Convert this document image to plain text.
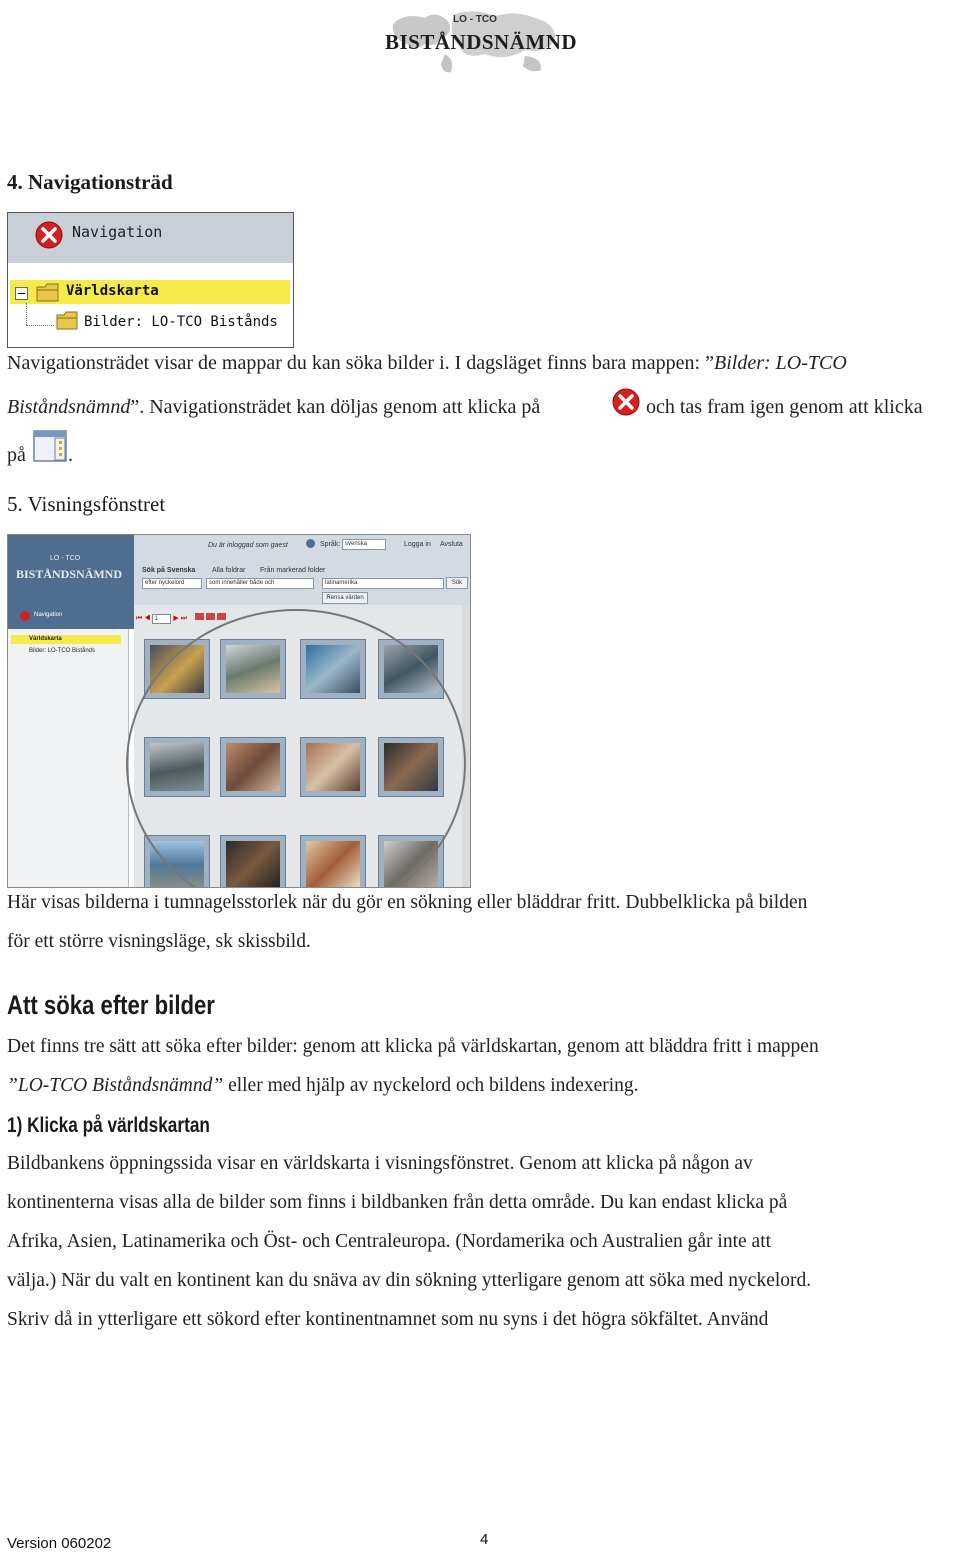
LO - TCO
BISTÅNDSNÄMND
4. Navigationsträd
Navigation
Världskarta
Bilder: LO-TCO Bistånds

Navigationsträdet visar de mappar du kan söka bilder i. I dagsläget finns bara mappen: ”Bilder: LO-TCO

Biståndsnämnd”. Navigationsträdet kan döljas genom att klicka på	och tas fram igen genom att klicka

på .

5. Visningsfönstret
LO - TCO
BISTÅNDSNÄMND
Du är inloggad som gaest	Språk: svenska	Logga in Avsluta
Sök på Svenska Alla foldrar Från markerad folder
efter nyckelord	som innehåller både och	latinamerika	Sök
Rensa värden
Navigation
Världskarta
Bilder: LO-TCO Bistånds
⏮ ◀ 1 ▶ ⏭

Här visas bilderna i tumnagelsstorlek när du gör en sökning eller bläddrar fritt. Dubbelklicka på bilden

för ett större visningsläge, sk skissbild.

Att söka efter bilder

Det finns tre sätt att söka efter bilder: genom att klicka på världskartan, genom att bläddra fritt i mappen

”LO-TCO Biståndsnämnd” eller med hjälp av nyckelord och bildens indexering.

1) Klicka på världskartan

Bildbankens öppningssida visar en världskarta i visningsfönstret. Genom att klicka på någon av

kontinenterna visas alla de bilder som finns i bildbanken från detta område. Du kan endast klicka på

Afrika, Asien, Latinamerika och Öst- och Centraleuropa. (Nordamerika och Australien går inte att

välja.) När du valt en kontinent kan du snäva av din sökning ytterligare genom att söka med nyckelord.

Skriv då in ytterligare ett sökord efter kontinentnamnet som nu syns i det högra sökfältet. Använd

Version 060202	4
